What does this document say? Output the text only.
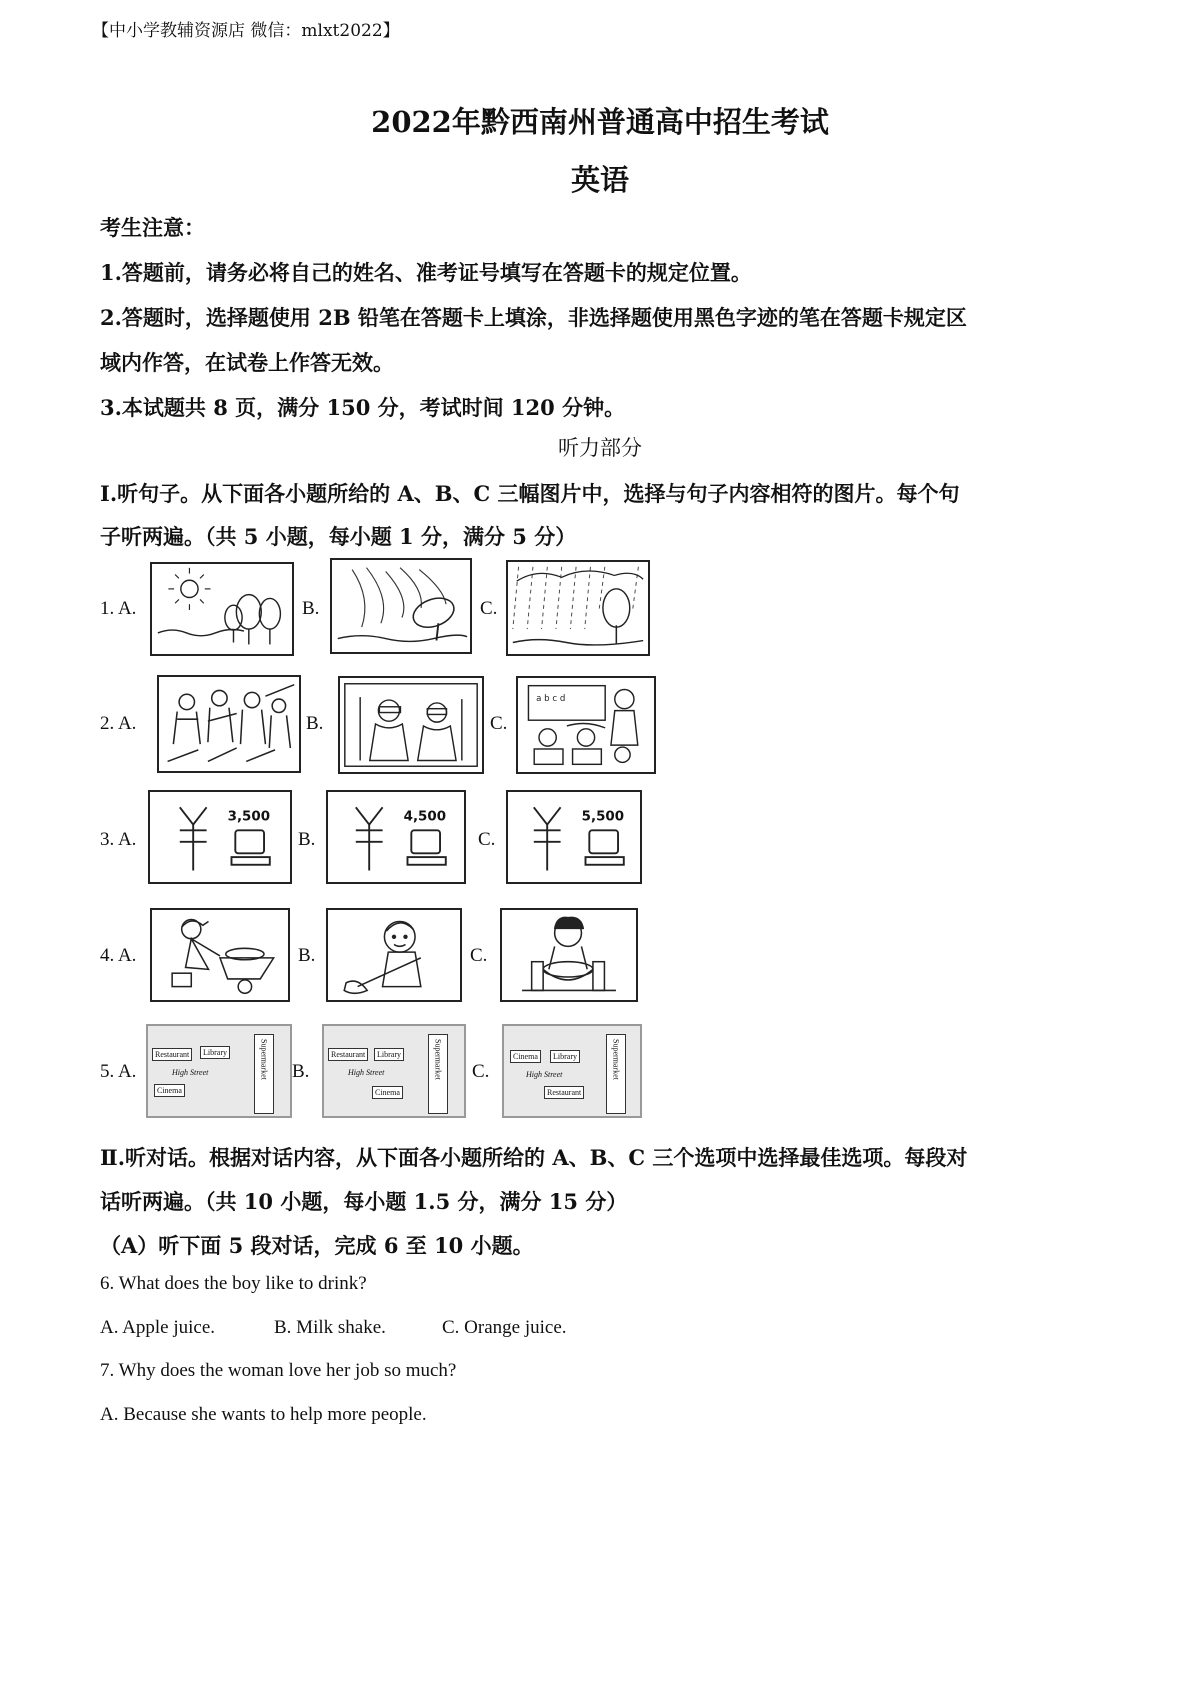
【中小学教辅资源店 微信：mlxt2022】
2022年黔西南州普通高中招生考试
英语
考生注意：
1.答题前，请务必将自己的姓名、准考证号填写在答题卡的规定位置。
2.答题时，选择题使用 2B 铅笔在答题卡上填涂，非选择题使用黑色字迹的笔在答题卡规定区
域内作答，在试卷上作答无效。
3.本试题共 8 页，满分 150 分，考试时间 120 分钟。
听力部分
Ⅰ.听句子。从下面各小题所给的 A、B、C 三幅图片中，选择与句子内容相符的图片。每个句
子听两遍。（共 5 小题，每小题 1 分，满分 5 分）
1. A.	B.	C.
2. A.	B.	C.
a b c d
3. A.
3,500
B.
4,500
C.
5,500
4. A.	B.	C.
5. A.
Restaurant	Library
High Street
Cinema
Supermarket B.
Restaurant	Library
High Street
Cinema
Supermarket C.
Cinema	Library
High Street
Restaurant
Supermarket
Ⅱ.听对话。根据对话内容，从下面各小题所给的 A、B、C 三个选项中选择最佳选项。每段对
话听两遍。（共 10 小题，每小题 1.5 分，满分 15 分）
（A）听下面 5 段对话，完成 6 至 10 小题。
6. What does the boy like to drink?
A. Apple juice.	B. Milk shake.	C. Orange juice.
7. Why does the woman love her job so much?
A. Because she wants to help more people.
